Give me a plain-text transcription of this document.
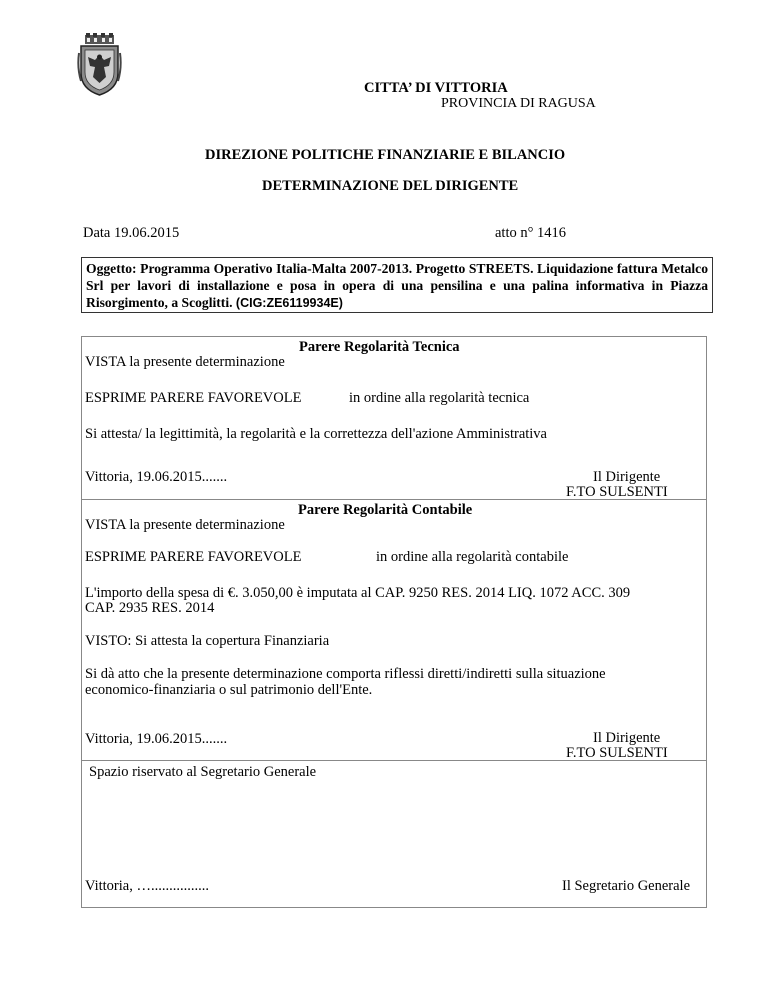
CITTA’ DI VITTORIA
PROVINCIA DI RAGUSA
DIREZIONE POLITICHE FINANZIARIE E BILANCIO
DETERMINAZIONE DEL DIRIGENTE
Data 19.06.2015	atto n° 1416
Oggetto: Programma Operativo Italia-Malta 2007-2013. Progetto STREETS. Liquidazione fattura Metalco Srl per lavori di installazione e posa in opera di una pensilina e una palina informativa in Piazza Risorgimento, a Scoglitti. (CIG:ZE6119934E)
Parere Regolarità Tecnica
VISTA la presente determinazione
ESPRIME PARERE FAVOREVOLE	in ordine alla regolarità tecnica
Si attesta/ la legittimità, la regolarità e la correttezza dell'azione Amministrativa
Vittoria, 19.06.2015.......	Il Dirigente
F.TO SULSENTI
Parere Regolarità Contabile
VISTA la presente determinazione
ESPRIME PARERE FAVOREVOLE	in ordine alla regolarità contabile
L'importo della spesa di €. 3.050,00 è imputata al CAP. 9250 RES. 2014 LIQ. 1072 ACC. 309
CAP. 2935 RES. 2014
VISTO: Si attesta la copertura Finanziaria
Si dà atto che la presente determinazione comporta riflessi diretti/indiretti sulla situazione
economico-finanziaria o sul patrimonio dell'Ente.
Vittoria, 19.06.2015.......	Il Dirigente
F.TO SULSENTI
Spazio riservato al Segretario Generale
Vittoria, …................	Il Segretario Generale
